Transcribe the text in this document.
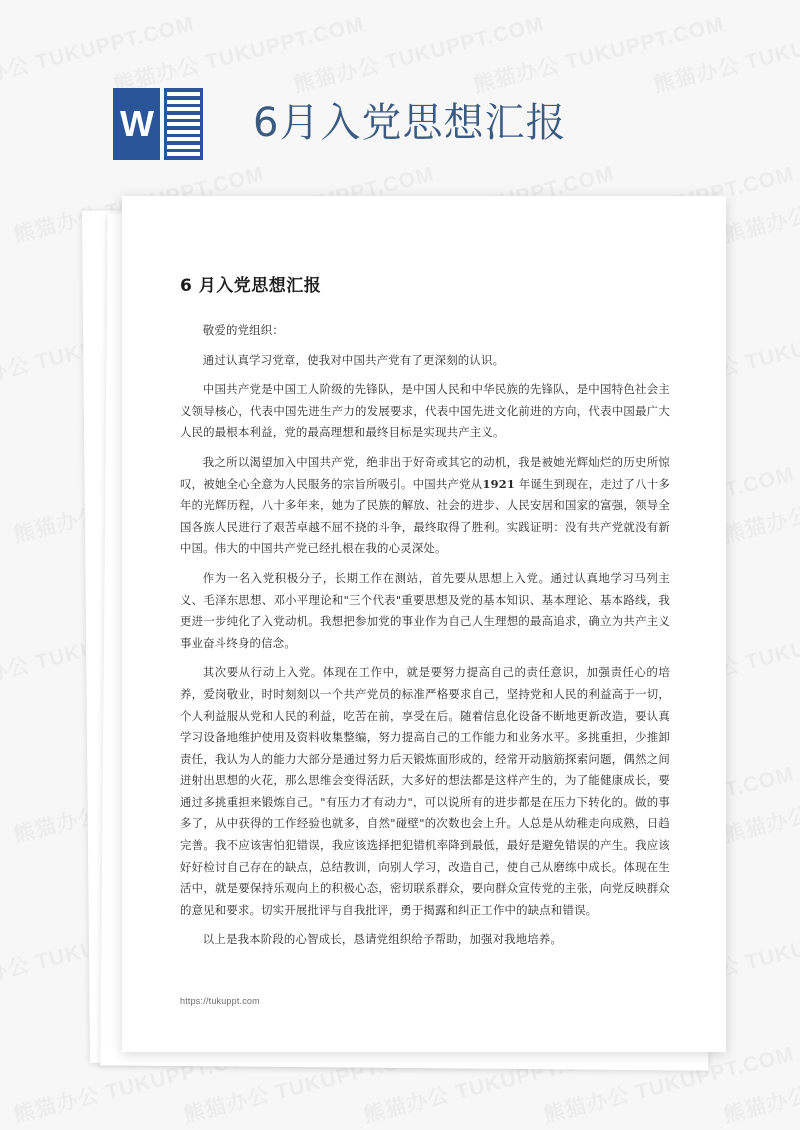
W	6月入党思想汇报
6 月入党思想汇报

敬爱的党组织：

通过认真学习党章，使我对中国共产党有了更深刻的认识。

中国共产党是中国工人阶级的先锋队，是中国人民和中华民族的先锋队，是中国特色社会主义领导核心，代表中国先进生产力的发展要求，代表中国先进文化前进的方向，代表中国最广大人民的最根本利益，党的最高理想和最终目标是实现共产主义。

我之所以渴望加入中国共产党，绝非出于好奇或其它的动机，我是被她光辉灿烂的历史所惊叹，被她全心全意为人民服务的宗旨所吸引。中国共产党从1921 年诞生到现在，走过了八十多年的光辉历程，八十多年来，她为了民族的解放、社会的进步、人民安居和国家的富强，领导全国各族人民进行了艰苦卓越不屈不挠的斗争，最终取得了胜利。实践证明：没有共产党就没有新中国。伟大的中国共产党已经扎根在我的心灵深处。

作为一名入党积极分子，长期工作在测站，首先要从思想上入党。通过认真地学习马列主义、毛泽东思想、邓小平理论和"三个代表"重要思想及党的基本知识、基本理论、基本路线，我更进一步纯化了入党动机。我想把参加党的事业作为自己人生理想的最高追求，确立为共产主义事业奋斗终身的信念。

其次要从行动上入党。体现在工作中，就是要努力提高自己的责任意识，加强责任心的培养，爱岗敬业，时时刻刻以一个共产党员的标准严格要求自己，坚持党和人民的利益高于一切，个人利益服从党和人民的利益，吃苦在前，享受在后。随着信息化设备不断地更新改造，要认真学习设备地维护使用及资料收集整编，努力提高自己的工作能力和业务水平。多挑重担，少推卸责任，我认为人的能力大部分是通过努力后天锻炼面形成的，经常开动脑筋探索问题，偶然之间迸射出思想的火花，那么思维会变得活跃，大多好的想法都是这样产生的，为了能健康成长，要通过多挑重担来锻炼自己。"有压力才有动力"，可以说所有的进步都是在压力下转化的。做的事多了，从中获得的工作经验也就多，自然"碰壁"的次数也会上升。人总是从幼稚走向成熟，日趋完善。我不应该害怕犯错误，我应该选择把犯错机率降到最低，最好是避免错误的产生。我应该好好检讨自己存在的缺点，总结教训，向别人学习，改造自己，使自己从磨练中成长。体现在生活中，就是要保持乐观向上的积极心态，密切联系群众，要向群众宣传党的主张，向党反映群众的意见和要求。切实开展批评与自我批评，勇于揭露和纠正工作中的缺点和错误。

以上是我本阶段的心智成长，恳请党组织给予帮助，加强对我地培养。

https://tukuppt.com
